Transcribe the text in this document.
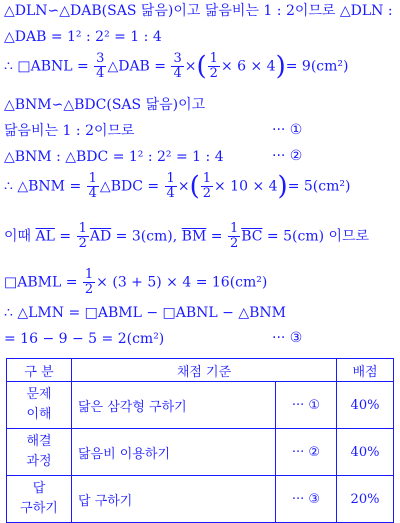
△DLN∽△DAB(SAS 닮음)이고 닮음비는 1 : 2이므로 △DLN :
△DAB = 1² : 2² = 1 : 4
∴ □ABNL = $\frac{3}{4}$ △DAB = $\frac{3}{4}$ ×( $\frac{1}{2} \times 6 \times 4)= 9(cm^2)$
△BNM∽△BDC(SAS 닮음)이고
닮음비는 1 : 2이므로	··· ①
△BNM : △BDC = 1² : 2² = 1 : 4	··· ②
∴ △BNM = $\frac{1}{4}$ △BDC = $\frac{1}{4}$ ×( $\frac{1}{2} \times 10 \times 4)= 5(cm^2)$
이때 $\overline{AL} = \frac{1}{2} \overline{AD} = 3(cm)$, $\overline{BM} = \frac{1}{2} \overline{BC} = 5(cm)$ 이므로
□ABML = $\frac{1}{2} \times (3 + 5) \times 4 = 16(cm^2)$
∴ △LMN = □ABML − □ABNL − △BNM
= 16 − 9 − 5 = 2(cm²)	··· ③
구 분	채점 기준		배점

문제
이해	닮은 삼각형 구하기	··· ①	40%

해결
과정	닮음비 이용하기	··· ②	40%

답
구하기	답 구하기	··· ③	20%
